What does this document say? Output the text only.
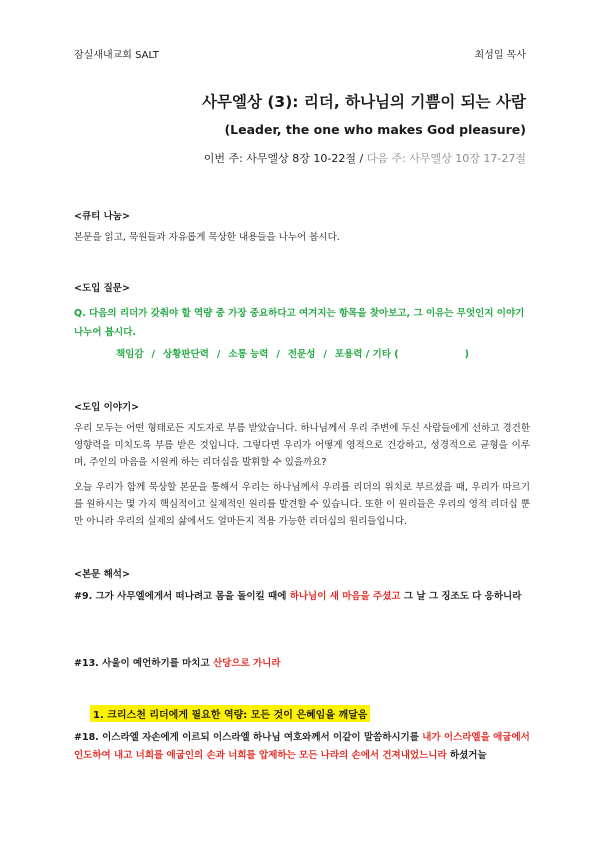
잠실새내교회 SALT	최성일 목사
사무엘상 (3): 리더, 하나님의 기쁨이 되는 사람
(Leader, the one who makes God pleasure)
이번 주: 사무엘상 8장 10-22절 / 다음 주: 사무엘상 10장 17-27절
<큐티 나눔>
본문을 읽고, 묵원들과 자유롭게 묵상한 내용들을 나누어 봅시다.
<도입 질문>
Q. 다음의 리더가 갖춰야 할 역량 중 가장 중요하다고 여겨지는 항목을 찾아보고, 그 이유는 무엇인지 이야기 나누어 봅시다.
책임감 / 상황판단력 / 소통 능력 / 전문성 / 포용력 / 기타 (                    )
<도입 이야기>
우리 모두는 어떤 형태로든 지도자로 부름 받았습니다. 하나님께서 우리 주변에 두신 사람들에게 선하고 경건한 영향력을 미치도록 부름 받은 것입니다. 그렇다면 우리가 어떻게 영적으로 건강하고, 성경적으로 균형을 이루며, 주인의 마음을 시원케 하는 리더십을 발휘할 수 있을까요?
오늘 우리가 함께 묵상할 본문을 통해서 우리는 하나님께서 우리를 리더의 위치로 부르셨을 때, 우리가 따르기를 원하시는 몇 가지 핵심적이고 실제적인 원리를 발견할 수 있습니다. 또한 이 원리들은 우리의 영적 리더십 뿐만 아니라 우리의 실제의 삶에서도 얼마든지 적용 가능한 리더십의 원리들입니다.
<본문 해석>
#9. 그가 사무엘에게서 떠나려고 몸을 돌이킬 때에 하나님이 새 마음을 주셨고 그 날 그 징조도 다 응하니라
#13. 사울이 예언하기를 마치고 산당으로 가니라
1. 크리스천 리더에게 필요한 역량: 모든 것이 은혜임을 깨달음
#18. 이스라엘 자손에게 이르되 이스라엘 하나님 여호와께서 이같이 말씀하시기를 내가 이스라엘을 애굽에서 인도하여 내고 너희를 애굽인의 손과 너희를 압제하는 모든 나라의 손에서 건져내었느니라 하셨거늘
